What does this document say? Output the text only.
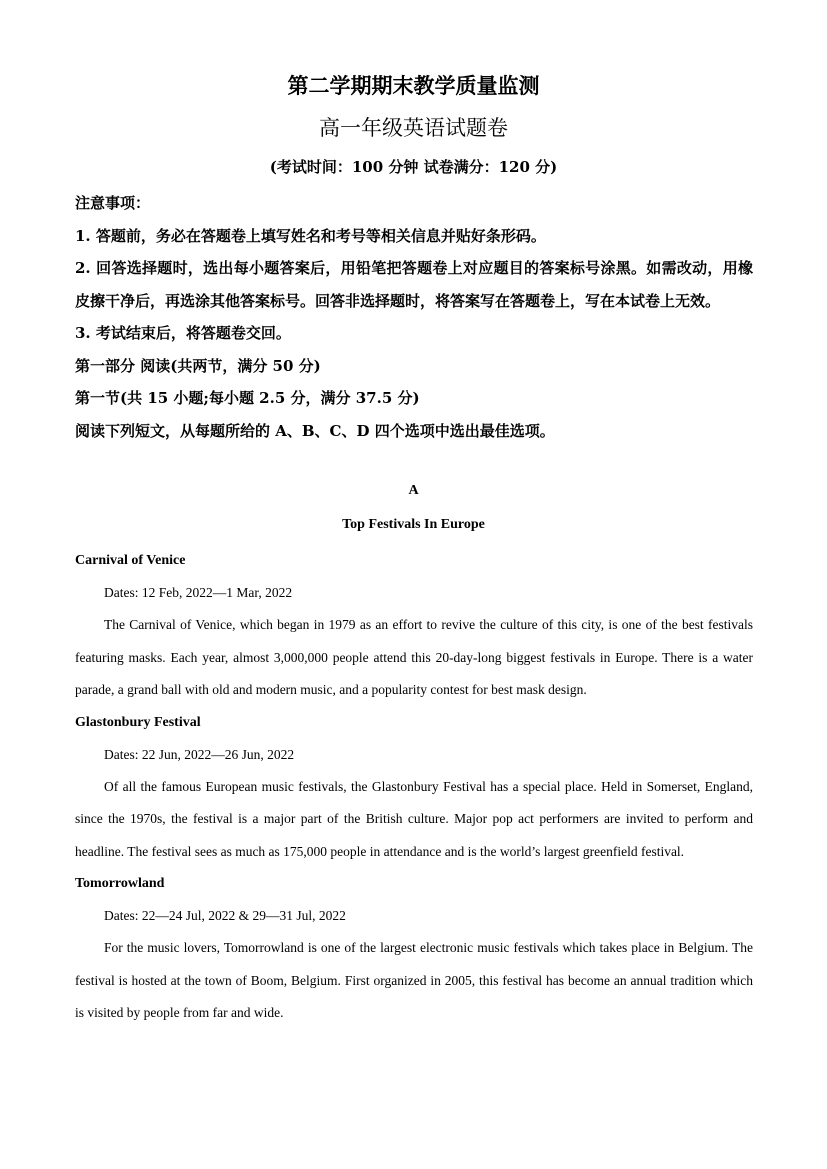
第二学期期末教学质量监测
高一年级英语试题卷
(考试时间：100 分钟 试卷满分：120 分)
注意事项：
1. 答题前，务必在答题卷上填写姓名和考号等相关信息并贴好条形码。
2. 回答选择题时，选出每小题答案后，用铅笔把答题卷上对应题目的答案标号涂黑。如需改动，用橡皮擦干净后，再选涂其他答案标号。回答非选择题时，将答案写在答题卷上，写在本试卷上无效。
3. 考试结束后，将答题卷交回。
第一部分 阅读(共两节，满分 50 分)
第一节(共 15 小题;每小题 2.5 分，满分 37.5 分)
阅读下列短文，从每题所给的 A、B、C、D 四个选项中选出最佳选项。
A
Top Festivals In Europe
Carnival of Venice
Dates: 12 Feb, 2022—1 Mar, 2022
The Carnival of Venice, which began in 1979 as an effort to revive the culture of this city, is one of the best festivals featuring masks. Each year, almost 3,000,000 people attend this 20-day-long biggest festivals in Europe. There is a water parade, a grand ball with old and modern music, and a popularity contest for best mask design.
Glastonbury Festival
Dates: 22 Jun, 2022—26 Jun, 2022
Of all the famous European music festivals, the Glastonbury Festival has a special place. Held in Somerset, England, since the 1970s, the festival is a major part of the British culture. Major pop act performers are invited to perform and headline. The festival sees as much as 175,000 people in attendance and is the world’s largest greenfield festival.
Tomorrowland
Dates: 22—24 Jul, 2022 & 29—31 Jul, 2022
For the music lovers, Tomorrowland is one of the largest electronic music festivals which takes place in Belgium. The festival is hosted at the town of Boom, Belgium. First organized in 2005, this festival has become an annual tradition which is visited by people from far and wide.
